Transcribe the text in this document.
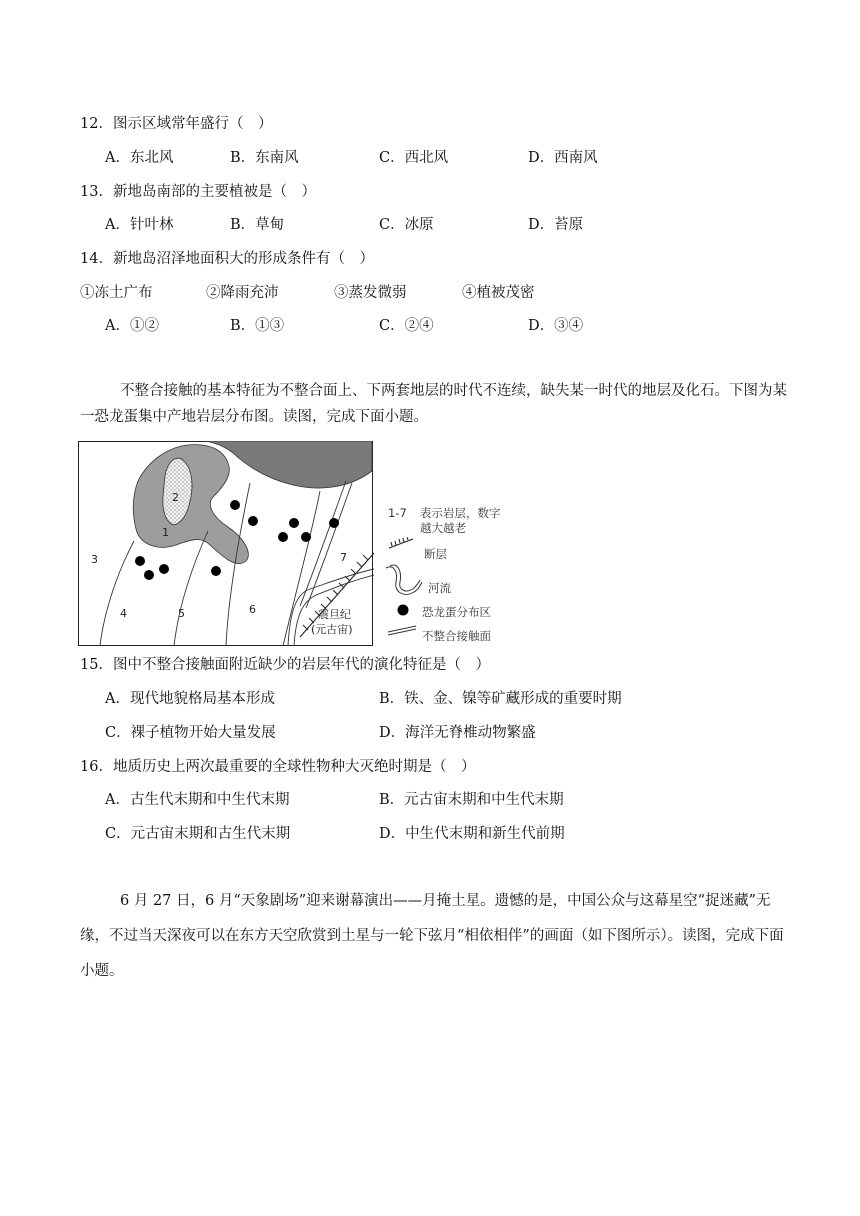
12．图示区域常年盛行（　）
A．东北风	B．东南风	C．西北风	D．西南风
13．新地岛南部的主要植被是（　）
A．针叶林	B．草甸	C．冰原	D．苔原
14．新地岛沼泽地面积大的形成条件有（　）
①冻土广布	②降雨充沛	③蒸发微弱	④植被茂密
A．①②	B．①③	C．②④	D．③④
不整合接触的基本特征为不整合面上、下两套地层的时代不连续，缺失某一时代的地层及化石。下图为某一恐龙蛋集中产地岩层分布图。读图，完成下面小题。
2
1
3
4	5	6
7
震旦纪
(元古宙)
1-7 表示岩层，数字
越大越老
断层
河流
恐龙蛋分布区
不整合接触面
15．图中不整合接触面附近缺少的岩层年代的演化特征是（　）
A．现代地貌格局基本形成	B．铁、金、镍等矿藏形成的重要时期
C．裸子植物开始大量发展	D．海洋无脊椎动物繁盛
16．地质历史上两次最重要的全球性物种大灭绝时期是（　）
A．古生代末期和中生代末期	B．元古宙末期和中生代末期
C．元古宙末期和古生代末期	D．中生代末期和新生代前期
6 月 27 日，6 月“天象剧场”迎来谢幕演出——月掩土星。遗憾的是，中国公众与这幕星空“捉迷藏”无缘，不过当天深夜可以在东方天空欣赏到土星与一轮下弦月“相依相伴”的画面（如下图所示）。读图，完成下面小题。
